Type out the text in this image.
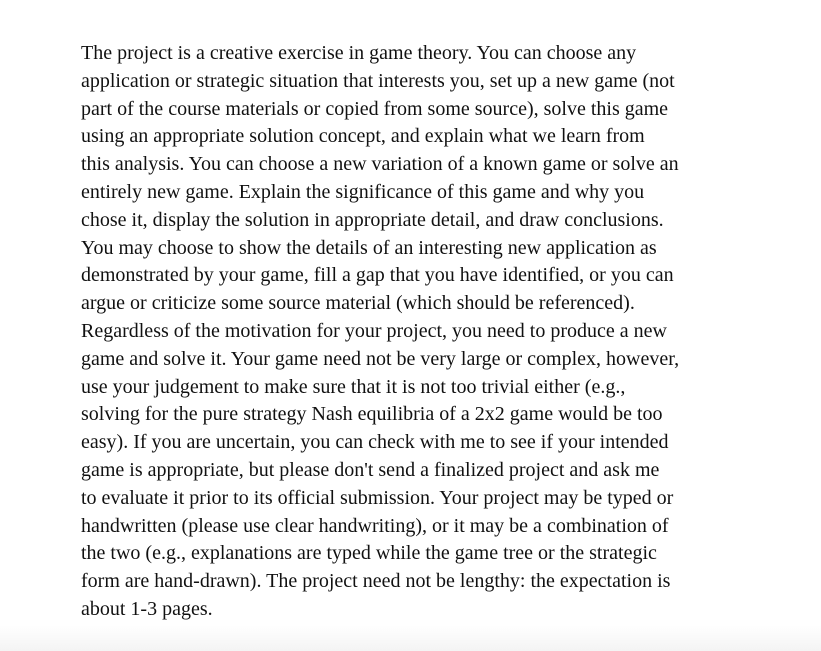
The project is a creative exercise in game theory. You can choose any
application or strategic situation that interests you, set up a new game (not
part of the course materials or copied from some source), solve this game
using an appropriate solution concept, and explain what we learn from
this analysis. You can choose a new variation of a known game or solve an
entirely new game. Explain the significance of this game and why you
chose it, display the solution in appropriate detail, and draw conclusions.
You may choose to show the details of an interesting new application as
demonstrated by your game, fill a gap that you have identified, or you can
argue or criticize some source material (which should be referenced).
Regardless of the motivation for your project, you need to produce a new
game and solve it. Your game need not be very large or complex, however,
use your judgement to make sure that it is not too trivial either (e.g.,
solving for the pure strategy Nash equilibria of a 2x2 game would be too
easy). If you are uncertain, you can check with me to see if your intended
game is appropriate, but please don't send a finalized project and ask me
to evaluate it prior to its official submission. Your project may be typed or
handwritten (please use clear handwriting), or it may be a combination of
the two (e.g., explanations are typed while the game tree or the strategic
form are hand-drawn). The project need not be lengthy: the expectation is
about 1-3 pages.
